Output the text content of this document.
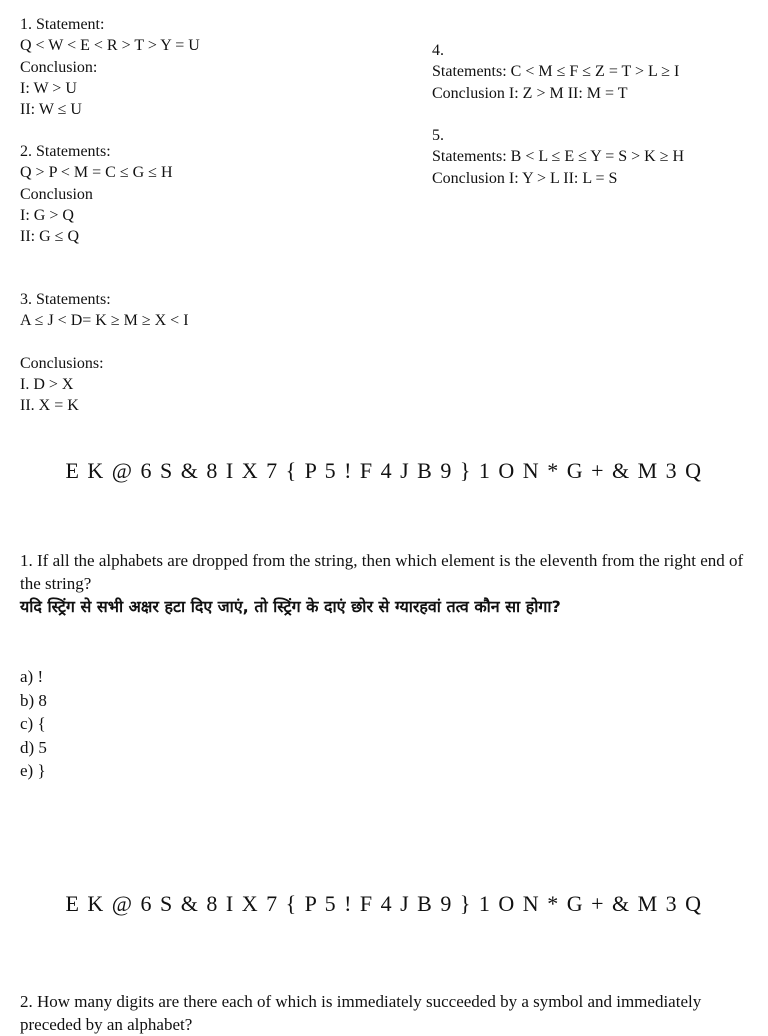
1. Statement:
Q < W < E < R > T > Y = U
Conclusion:
I: W > U
II: W ≤ U
2. Statements:
Q > P < M = C ≤ G ≤ H
Conclusion
I: G > Q
II: G ≤ Q
3. Statements:
A ≤ J < D= K ≥ M ≥ X < I
Conclusions:
I. D > X
II. X = K
4.
Statements: C < M ≤ F ≤ Z = T > L ≥ I
Conclusion I: Z > M II: M = T
5.
Statements: B < L ≤ E ≤ Y = S > K ≥ H
Conclusion I: Y > L II: L = S
E K @ 6 S & 8 I X 7 { P 5 ! F 4 J B 9 } 1 O N * G + & M 3 Q
1. If all the alphabets are dropped from the string, then which element is the eleventh from the right end of the string?
यदि स्ट्रिंग से सभी अक्षर हटा दिए जाएं, तो स्ट्रिंग के दाएं छोर से ग्यारहवां तत्व कौन सा होगा?
a) !
b) 8
c) {
d) 5
e) }
E K @ 6 S & 8 I X 7 { P 5 ! F 4 J B 9 } 1 O N * G + & M 3 Q
2. How many digits are there each of which is immediately succeeded by a symbol and immediately preceded by an alphabet?
